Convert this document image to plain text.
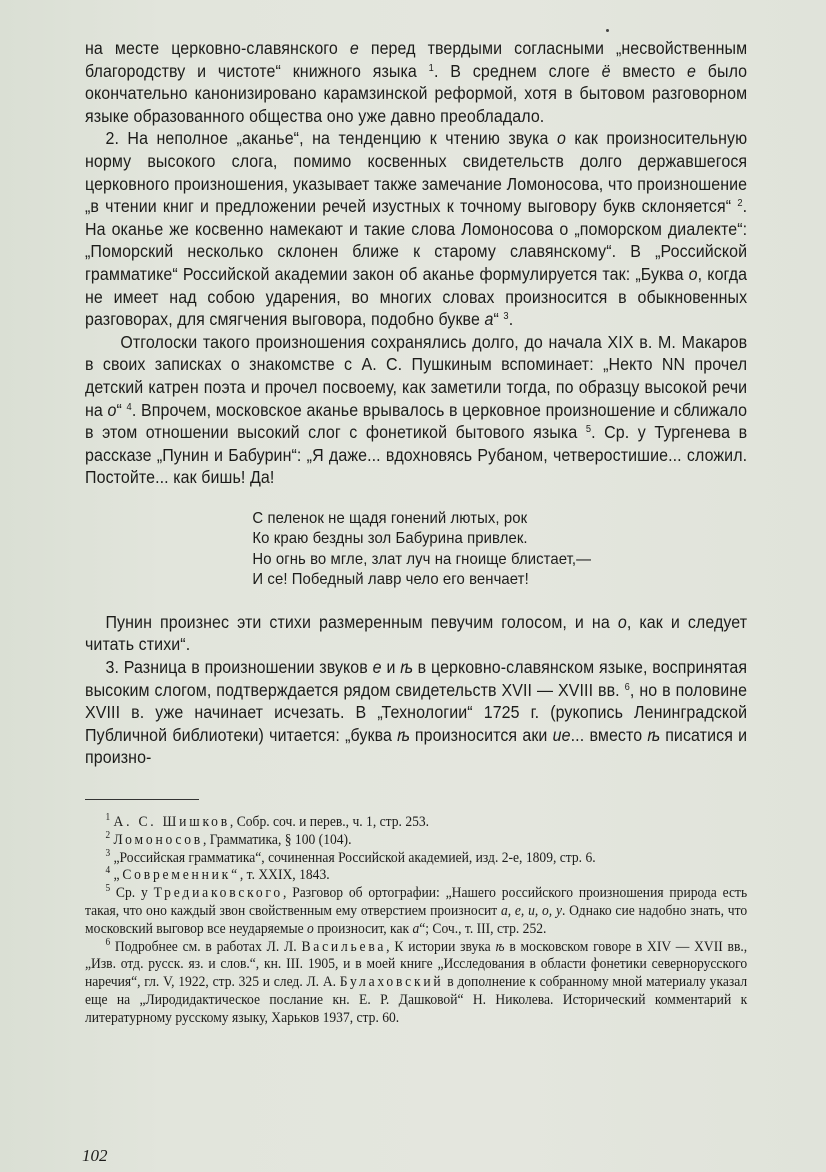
на месте церковно-славянского е перед твердыми согласными „несвойственным благородству и чистоте“ книжного языка $^1$. В среднем слоге ё вместо е было окончательно канонизировано карамзинской реформой, хотя в бытовом разговорном языке образованного общества оно уже давно преобладало.

2. На неполное „аканье“, на тенденцию к чтению звука о как произносительную норму высокого слога, помимо косвенных свидетельств долго державшегося церковного произношения, указывает также замечание Ломоносова, что произношение „в чтении книг и предложении речей изустных к точному выговору букв склоняется“ $^2$. На оканье же косвенно намекают и такие слова Ломоносова о „поморском диалекте“: „Поморский несколько склонен ближе к старому славянскому“. В „Российской грамматике“ Российской академии закон об аканье формулируется так: „Буква о, когда не имеет над собою ударения, во многих словах произносится в обыкновенных разговорах, для смягчения выговора, подобно букве а“ $^3$.

Отголоски такого произношения сохранялись долго, до начала XIX в. М. Макаров в своих записках о знакомстве с А. С. Пушкиным вспоминает: „Некто NN прочел детский катрен поэта и прочел посвоему, как заметили тогда, по образцу высокой речи на о“ $^4$. Впрочем, московское аканье врывалось в церковное произношение и сближало в этом отношении высокий слог с фонетикой бытового языка $^5$. Ср. у Тургенева в рассказе „Пунин и Бабурин“: „Я даже... вдохновясь Рубаном, четверостишие... сложил. Постойте... как бишь! Да!

С пеленок не щадя гонений лютых, рок
Ко краю бездны зол Бабурина привлек.
Но огнь во мгле, злат луч на гноище блистает,—
И се! Победный лавр чело его венчает!

Пунин произнес эти стихи размеренным певучим голосом, и на о, как и следует читать стихи“.

3. Разница в произношении звуков е и ѣ в церковно-славянском языке, воспринятая высоким слогом, подтверждается рядом свидетельств XVII — XVIII вв. $^6$, но в половине XVIII в. уже начинает исчезать. В „Технологии“ 1725 г. (рукопись Ленинградской Публичной библиотеки) читается: „буква ѣ произносится аки ие... вместо ѣ писатися и произно-

$^1$ А. С. Шишков, Собр. соч. и перев., ч. 1, стр. 253.

$^2$ Ломоносов, Грамматика, § 100 (104).

$^3$ „Российская грамматика“, сочиненная Российской академией, изд. 2-е, 1809, стр. 6.

$^4$ „Современник“, т. XXIX, 1843.

$^5$ Ср. у Тредиаковского, Разговор об ортографии: „Нашего российского произношения природа есть такая, что оно каждый звон свойственным ему отверстием произносит а, е, и, о, у. Однако сие надобно знать, что московский выговор все неударяемые о произносит, как а“; Соч., т. III, стр. 252.

$^6$ Подробнее см. в работах Л. Л. Васильева, К истории звука ѣ в московском говоре в XIV — XVII вв., „Изв. отд. русск. яз. и слов.“, кн. III. 1905, и в моей книге „Исследования в области фонетики северноруccкого наречия“, гл. V, 1922, стр. 325 и след. Л. А. Булаховский в дополнение к собранному мной материалу указал еще на „Лиродидактическое послание кн. Е. Р. Дашковой“ Н. Николева. Исторический комментарий к литературному русскому языку, Харьков 1937, стр. 60.

102
